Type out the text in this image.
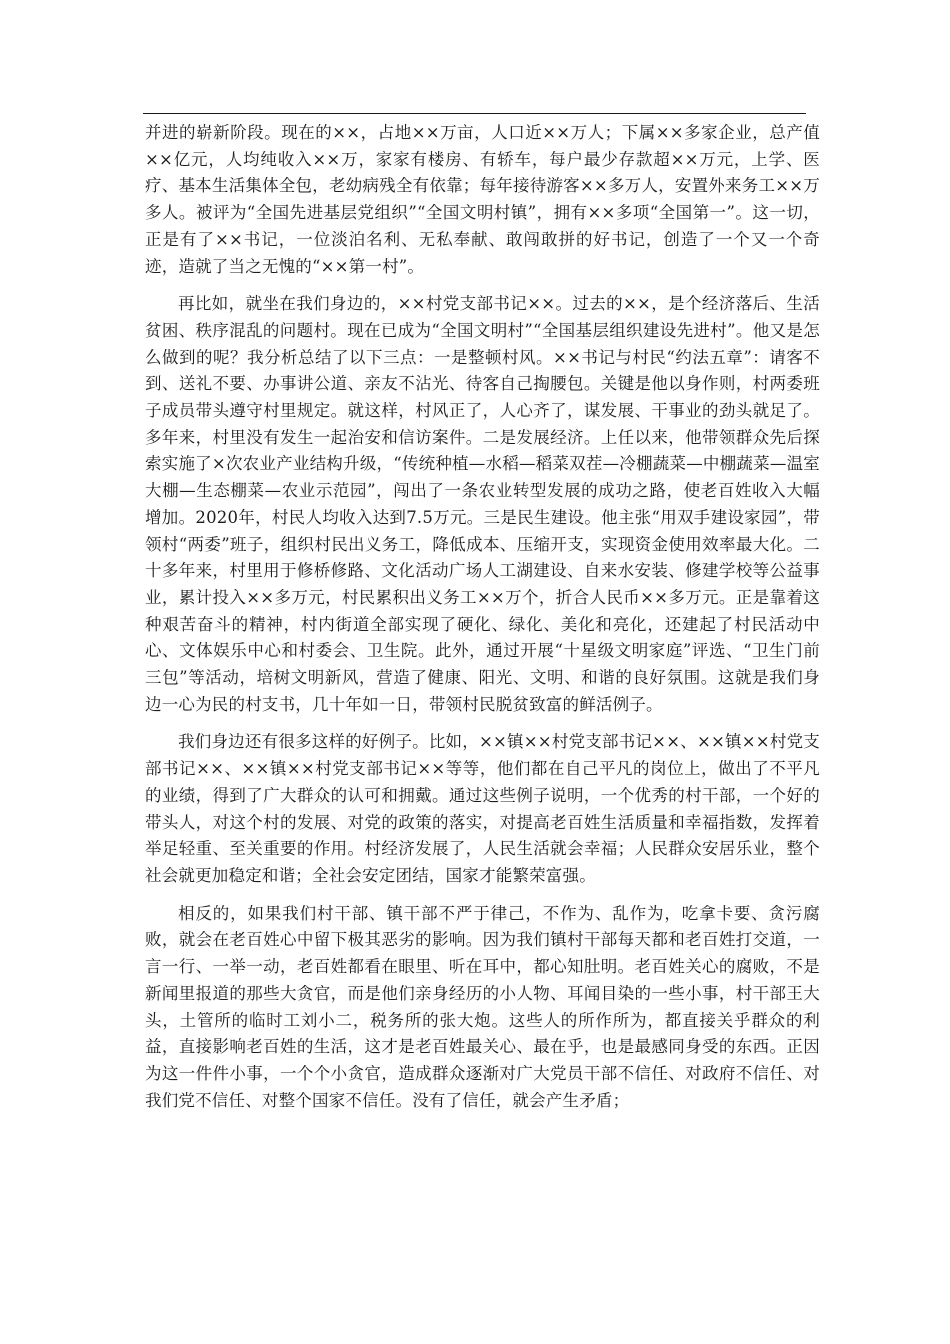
并进的崭新阶段。现在的××，占地××万亩，人口近××万人；下属××多家企业，总产值××亿元，人均纯收入××万，家家有楼房、有轿车，每户最少存款超××万元，上学、医疗、基本生活集体全包，老幼病残全有依靠；每年接待游客××多万人，安置外来务工××万多人。被评为“全国先进基层党组织”“全国文明村镇”，拥有××多项“全国第一”。这一切，正是有了××书记，一位淡泊名利、无私奉献、敢闯敢拼的好书记，创造了一个又一个奇迹，造就了当之无愧的“××第一村”。

再比如，就坐在我们身边的，××村党支部书记××。过去的××，是个经济落后、生活贫困、秩序混乱的问题村。现在已成为“全国文明村”“全国基层组织建设先进村”。他又是怎么做到的呢？我分析总结了以下三点：一是整顿村风。××书记与村民“约法五章”：请客不到、送礼不要、办事讲公道、亲友不沾光、待客自己掏腰包。关键是他以身作则，村两委班子成员带头遵守村里规定。就这样，村风正了，人心齐了，谋发展、干事业的劲头就足了。多年来，村里没有发生一起治安和信访案件。二是发展经济。上任以来，他带领群众先后探索实施了×次农业产业结构升级，“传统种植—水稻—稻菜双茬—冷棚蔬菜—中棚蔬菜—温室大棚—生态棚菜—农业示范园”，闯出了一条农业转型发展的成功之路，使老百姓收入大幅增加。2020年，村民人均收入达到7.5万元。三是民生建设。他主张“用双手建设家园”，带领村“两委”班子，组织村民出义务工，降低成本、压缩开支，实现资金使用效率最大化。二十多年来，村里用于修桥修路、文化活动广场人工湖建设、自来水安装、修建学校等公益事业，累计投入××多万元，村民累积出义务工××万个，折合人民币××多万元。正是靠着这种艰苦奋斗的精神，村内街道全部实现了硬化、绿化、美化和亮化，还建起了村民活动中心、文体娱乐中心和村委会、卫生院。此外，通过开展“十星级文明家庭”评选、“卫生门前三包”等活动，培树文明新风，营造了健康、阳光、文明、和谐的良好氛围。这就是我们身边一心为民的村支书，几十年如一日，带领村民脱贫致富的鲜活例子。

我们身边还有很多这样的好例子。比如，××镇××村党支部书记××、××镇××村党支部书记××、××镇××村党支部书记××等等，他们都在自己平凡的岗位上，做出了不平凡的业绩，得到了广大群众的认可和拥戴。通过这些例子说明，一个优秀的村干部，一个好的带头人，对这个村的发展、对党的政策的落实，对提高老百姓生活质量和幸福指数，发挥着举足轻重、至关重要的作用。村经济发展了，人民生活就会幸福；人民群众安居乐业，整个社会就更加稳定和谐；全社会安定团结，国家才能繁荣富强。

相反的，如果我们村干部、镇干部不严于律己，不作为、乱作为，吃拿卡要、贪污腐败，就会在老百姓心中留下极其恶劣的影响。因为我们镇村干部每天都和老百姓打交道，一言一行、一举一动，老百姓都看在眼里、听在耳中，都心知肚明。老百姓关心的腐败，不是新闻里报道的那些大贪官，而是他们亲身经历的小人物、耳闻目染的一些小事，村干部王大头，土管所的临时工刘小二，税务所的张大炮。这些人的所作所为，都直接关乎群众的利益，直接影响老百姓的生活，这才是老百姓最关心、最在乎，也是最感同身受的东西。正因为这一件件小事，一个个小贪官，造成群众逐渐对广大党员干部不信任、对政府不信任、对我们党不信任、对整个国家不信任。没有了信任，就会产生矛盾；
